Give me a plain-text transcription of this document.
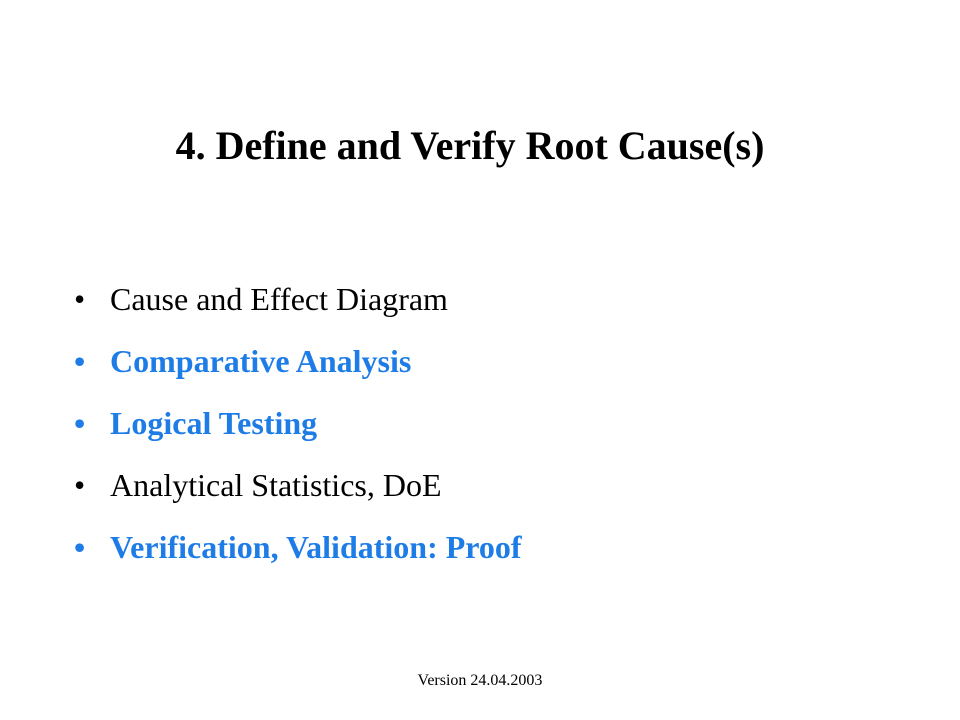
4. Define and Verify Root Cause(s)
• Cause and Effect Diagram
• Comparative Analysis
• Logical Testing
• Analytical Statistics, DoE
• Verification, Validation: Proof
Version 24.04.2003
